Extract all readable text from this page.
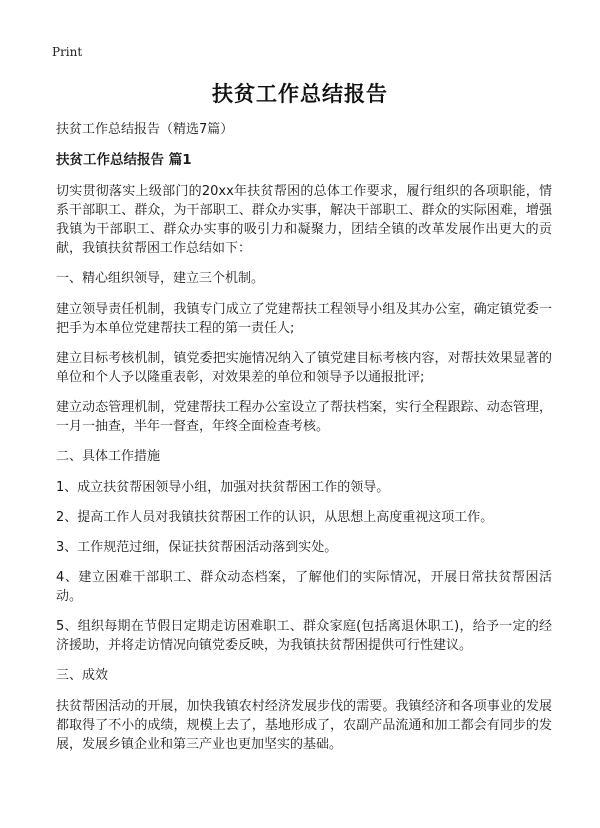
Print
扶贫工作总结报告

扶贫工作总结报告（精选7篇）

扶贫工作总结报告 篇1

切实贯彻落实上级部门的20xx年扶贫帮困的总体工作要求，履行组织的各项职能，情系干部职工、群众，为干部职工、群众办实事，解决干部职工、群众的实际困难，增强我镇为干部职工、群众办实事的吸引力和凝聚力，团结全镇的改革发展作出更大的贡献，我镇扶贫帮困工作总结如下：

一、精心组织领导，建立三个机制。

建立领导责任机制，我镇专门成立了党建帮扶工程领导小组及其办公室，确定镇党委一把手为本单位党建帮扶工程的第一责任人;

建立目标考核机制，镇党委把实施情况纳入了镇党建目标考核内容，对帮扶效果显著的单位和个人予以隆重表彰，对效果差的单位和领导予以通报批评;

建立动态管理机制，党建帮扶工程办公室设立了帮扶档案，实行全程跟踪、动态管理，一月一抽查，半年一督查，年终全面检查考核。

二、具体工作措施

1、成立扶贫帮困领导小组，加强对扶贫帮困工作的领导。

2、提高工作人员对我镇扶贫帮困工作的认识，从思想上高度重视这项工作。

3、工作规范过细，保证扶贫帮困活动落到实处。

4、建立困难干部职工、群众动态档案，了解他们的实际情况，开展日常扶贫帮困活动。

5、组织每期在节假日定期走访困难职工、群众家庭(包括离退休职工)，给予一定的经济援助，并将走访情况向镇党委反映，为我镇扶贫帮困提供可行性建议。

三、成效

扶贫帮困活动的开展，加快我镇农村经济发展步伐的需要。我镇经济和各项事业的发展都取得了不小的成绩，规模上去了，基地形成了，农副产品流通和加工都会有同步的发展，发展乡镇企业和第三产业也更加坚实的基础。
